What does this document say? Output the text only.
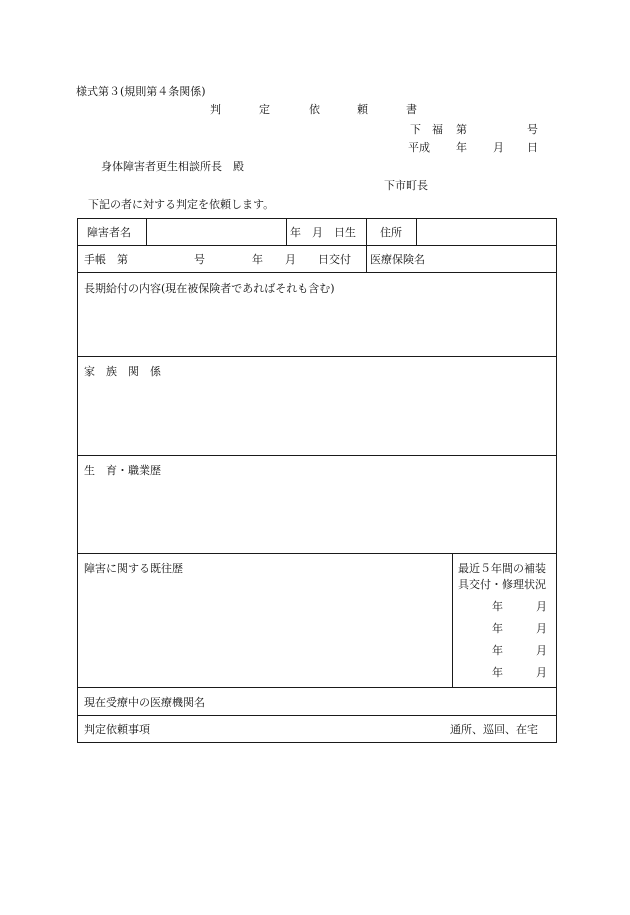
様式第３(規則第４条関係)
判	定	依	頼	書
下 福 第	号
平成 年 月 日
身体障害者更生相談所長　殿
下市町長
下記の者に対する判定を依頼します。
障害者名	年　月　日生 住所
手帳　第	号	年　　月　　日交付 医療保険名
長期給付の内容(現在被保険者であればそれも含む)
家　族　関　係
生　育・職業歴
障害に関する既往歴	最近５年間の補装
具交付・修理状況
年　　　月
年　　　月
年　　　月
年　　　月
現在受療中の医療機関名
判定依頼事項	通所、巡回、在宅
